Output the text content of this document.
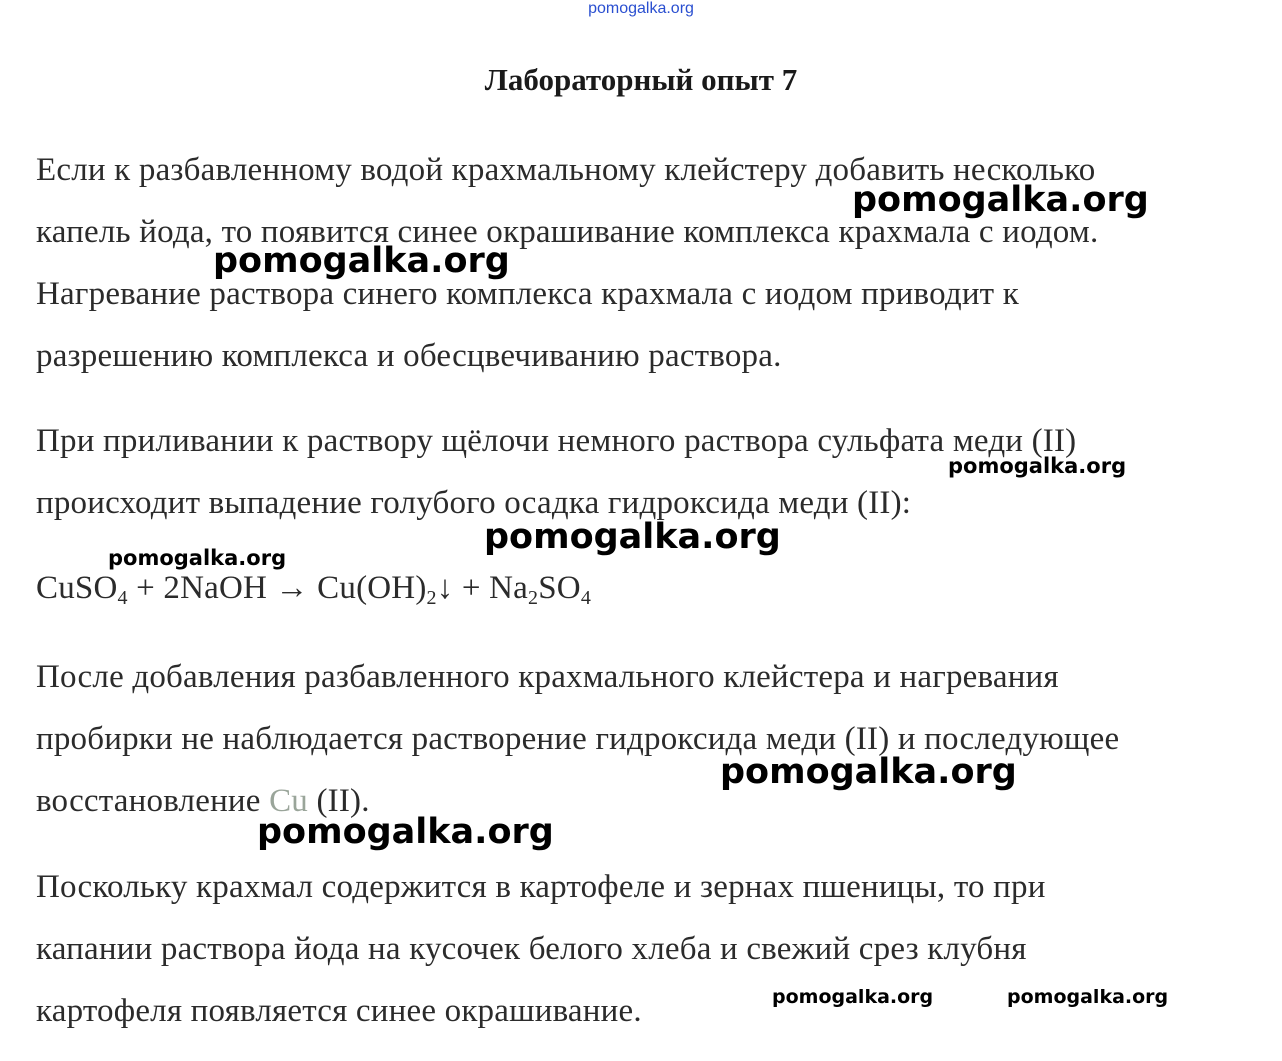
pomogalka.org
Лабораторный опыт 7

Если к разбавленному водой крахмальному клейстеру добавить несколько
капель йода, то появится синее окрашивание комплекса крахмала с иодом.
Нагревание раствора синего комплекса крахмала с иодом приводит к
разрешению комплекса и обесцвечиванию раствора.

При приливании к раствору щёлочи немного раствора сульфата меди (II)
происходит выпадение голубого осадка гидроксида меди (II):

CuSO$_4$ + 2NaOH → $Cu(OH)_2↓ + Na_2SO_4$

После добавления разбавленного крахмального клейстера и нагревания
пробирки не наблюдается растворение гидроксида меди (II) и последующее
восстановление Cu (II).

Поскольку крахмал содержится в картофеле и зернах пшеницы, то при
капании раствора йода на кусочек белого хлеба и свежий срез клубня
картофеля появляется синее окрашивание.

pomogalka.org
pomogalka.org
pomogalka.org
pomogalka.org
pomogalka.org
pomogalka.org
pomogalka.org
pomogalka.org	pomogalka.org
